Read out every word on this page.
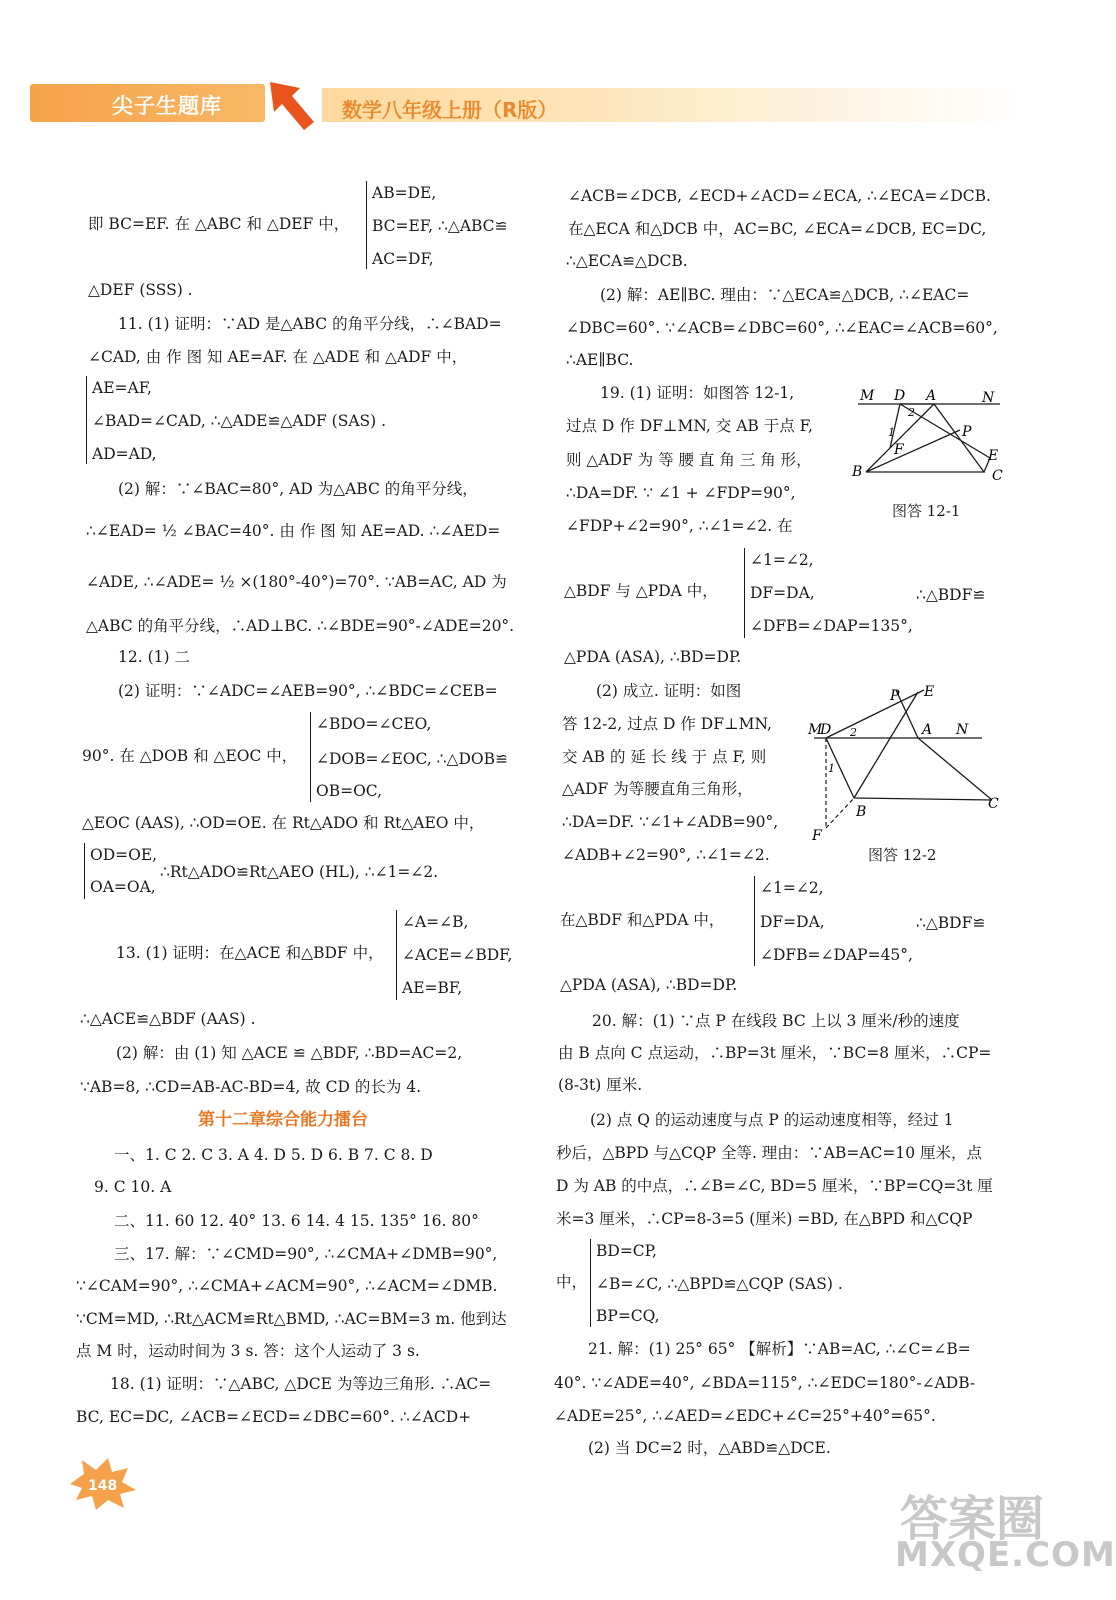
尖子生题库	数学八年级上册（R版）
第十二章综合能力擂台
M D A	N
P
F	E
B	C
1
2
图答 12-1
P E
M
D	A N
B	C
F
1
2
图答 12-2
148
答案圈
MXQE.COM
AB=DE,
即 BC=EF. 在 △ABC 和 △DEF 中， BC=EF, ∴△ABC≌
AC=DF,
△DEF (SSS) .
11. (1) 证明：∵AD 是△ABC 的角平分线，∴∠BAD=
∠CAD, 由 作 图 知 AE=AF. 在 △ADE 和 △ADF 中，
AE=AF,
∠BAD=∠CAD, ∴△ADE≌△ADF (SAS) .
AD=AD,
(2) 解：∵∠BAC=80°, AD 为△ABC 的角平分线，
∴∠EAD= ½ ∠BAC=40°. 由 作 图 知 AE=AD. ∴∠AED=
∠ADE, ∴∠ADE= ½ ×(180°-40°)=70°. ∵AB=AC, AD 为
△ABC 的角平分线，∴AD⊥BC. ∴∠BDE=90°-∠ADE=20°.
12. (1) 二
(2) 证明：∵∠ADC=∠AEB=90°, ∴∠BDC=∠CEB=
∠BDO=∠CEO,
90°. 在 △DOB 和 △EOC 中， ∠DOB=∠EOC, ∴△DOB≌
OB=OC,
△EOC (AAS), ∴OD=OE. 在 Rt△ADO 和 Rt△AEO 中，
OD=OE,
∴Rt△ADO≌Rt△AEO (HL), ∴∠1=∠2.
OA=OA,
∠A=∠B,
13. (1) 证明：在△ACE 和△BDF 中， ∠ACE=∠BDF,
AE=BF,
∴△ACE≌△BDF (AAS) .
(2) 解：由 (1) 知 △ACE ≌ △BDF, ∴BD=AC=2,
∵AB=8, ∴CD=AB-AC-BD=4, 故 CD 的长为 4.
一、1. C 2. C 3. A 4. D 5. D 6. B 7. C 8. D
9. C 10. A
二、11. 60 12. 40° 13. 6 14. 4 15. 135° 16. 80°
三、17. 解：∵∠CMD=90°, ∴∠CMA+∠DMB=90°,
∵∠CAM=90°, ∴∠CMA+∠ACM=90°, ∴∠ACM=∠DMB.
∵CM=MD, ∴Rt△ACM≌Rt△BMD, ∴AC=BM=3 m. 他到达
点 M 时，运动时间为 3 s. 答：这个人运动了 3 s.
18. (1) 证明：∵△ABC, △DCE 为等边三角形. ∴AC=
BC, EC=DC, ∠ACB=∠ECD=∠DBC=60°. ∴∠ACD+
∠ACB=∠DCB, ∠ECD+∠ACD=∠ECA, ∴∠ECA=∠DCB.
在△ECA 和△DCB 中，AC=BC, ∠ECA=∠DCB, EC=DC,
∴△ECA≌△DCB.
(2) 解：AE∥BC. 理由：∵△ECA≌△DCB, ∴∠EAC=
∠DBC=60°. ∵∠ACB=∠DBC=60°, ∴∠EAC=∠ACB=60°,
∴AE∥BC.
19. (1) 证明：如图答 12-1,
过点 D 作 DF⊥MN, 交 AB 于点 F,
则 △ADF 为 等 腰 直 角 三 角 形，
∴DA=DF. ∵ ∠1 + ∠FDP=90°,
∠FDP+∠2=90°, ∴∠1=∠2. 在
∠1=∠2,
△BDF 与 △PDA 中， DF=DA,	∴△BDF≌
∠DFB=∠DAP=135°,
△PDA (ASA), ∴BD=DP.
(2) 成立. 证明：如图
答 12-2, 过点 D 作 DF⊥MN,
交 AB 的 延 长 线 于 点 F, 则
△ADF 为等腰直角三角形，
∴DA=DF. ∵∠1+∠ADB=90°,
∠ADB+∠2=90°, ∴∠1=∠2.
∠1=∠2,
在△BDF 和△PDA 中， DF=DA,	∴△BDF≌
∠DFB=∠DAP=45°,
△PDA (ASA), ∴BD=DP.
20. 解：(1) ∵点 P 在线段 BC 上以 3 厘米/秒的速度
由 B 点向 C 点运动，∴BP=3t 厘米，∵BC=8 厘米，∴CP=
(8-3t) 厘米.
(2) 点 Q 的运动速度与点 P 的运动速度相等，经过 1
秒后，△BPD 与△CQP 全等. 理由：∵AB=AC=10 厘米，点
D 为 AB 的中点，∴∠B=∠C, BD=5 厘米，∵BP=CQ=3t 厘
米=3 厘米，∴CP=8-3=5 (厘米) =BD, 在△BPD 和△CQP
BD=CP,
中， ∠B=∠C, ∴△BPD≌△CQP (SAS) .
BP=CQ,
21. 解：(1) 25° 65° 【解析】∵AB=AC, ∴∠C=∠B=
40°. ∵∠ADE=40°, ∠BDA=115°, ∴∠EDC=180°-∠ADB-
∠ADE=25°, ∴∠AED=∠EDC+∠C=25°+40°=65°.
(2) 当 DC=2 时，△ABD≌△DCE.
